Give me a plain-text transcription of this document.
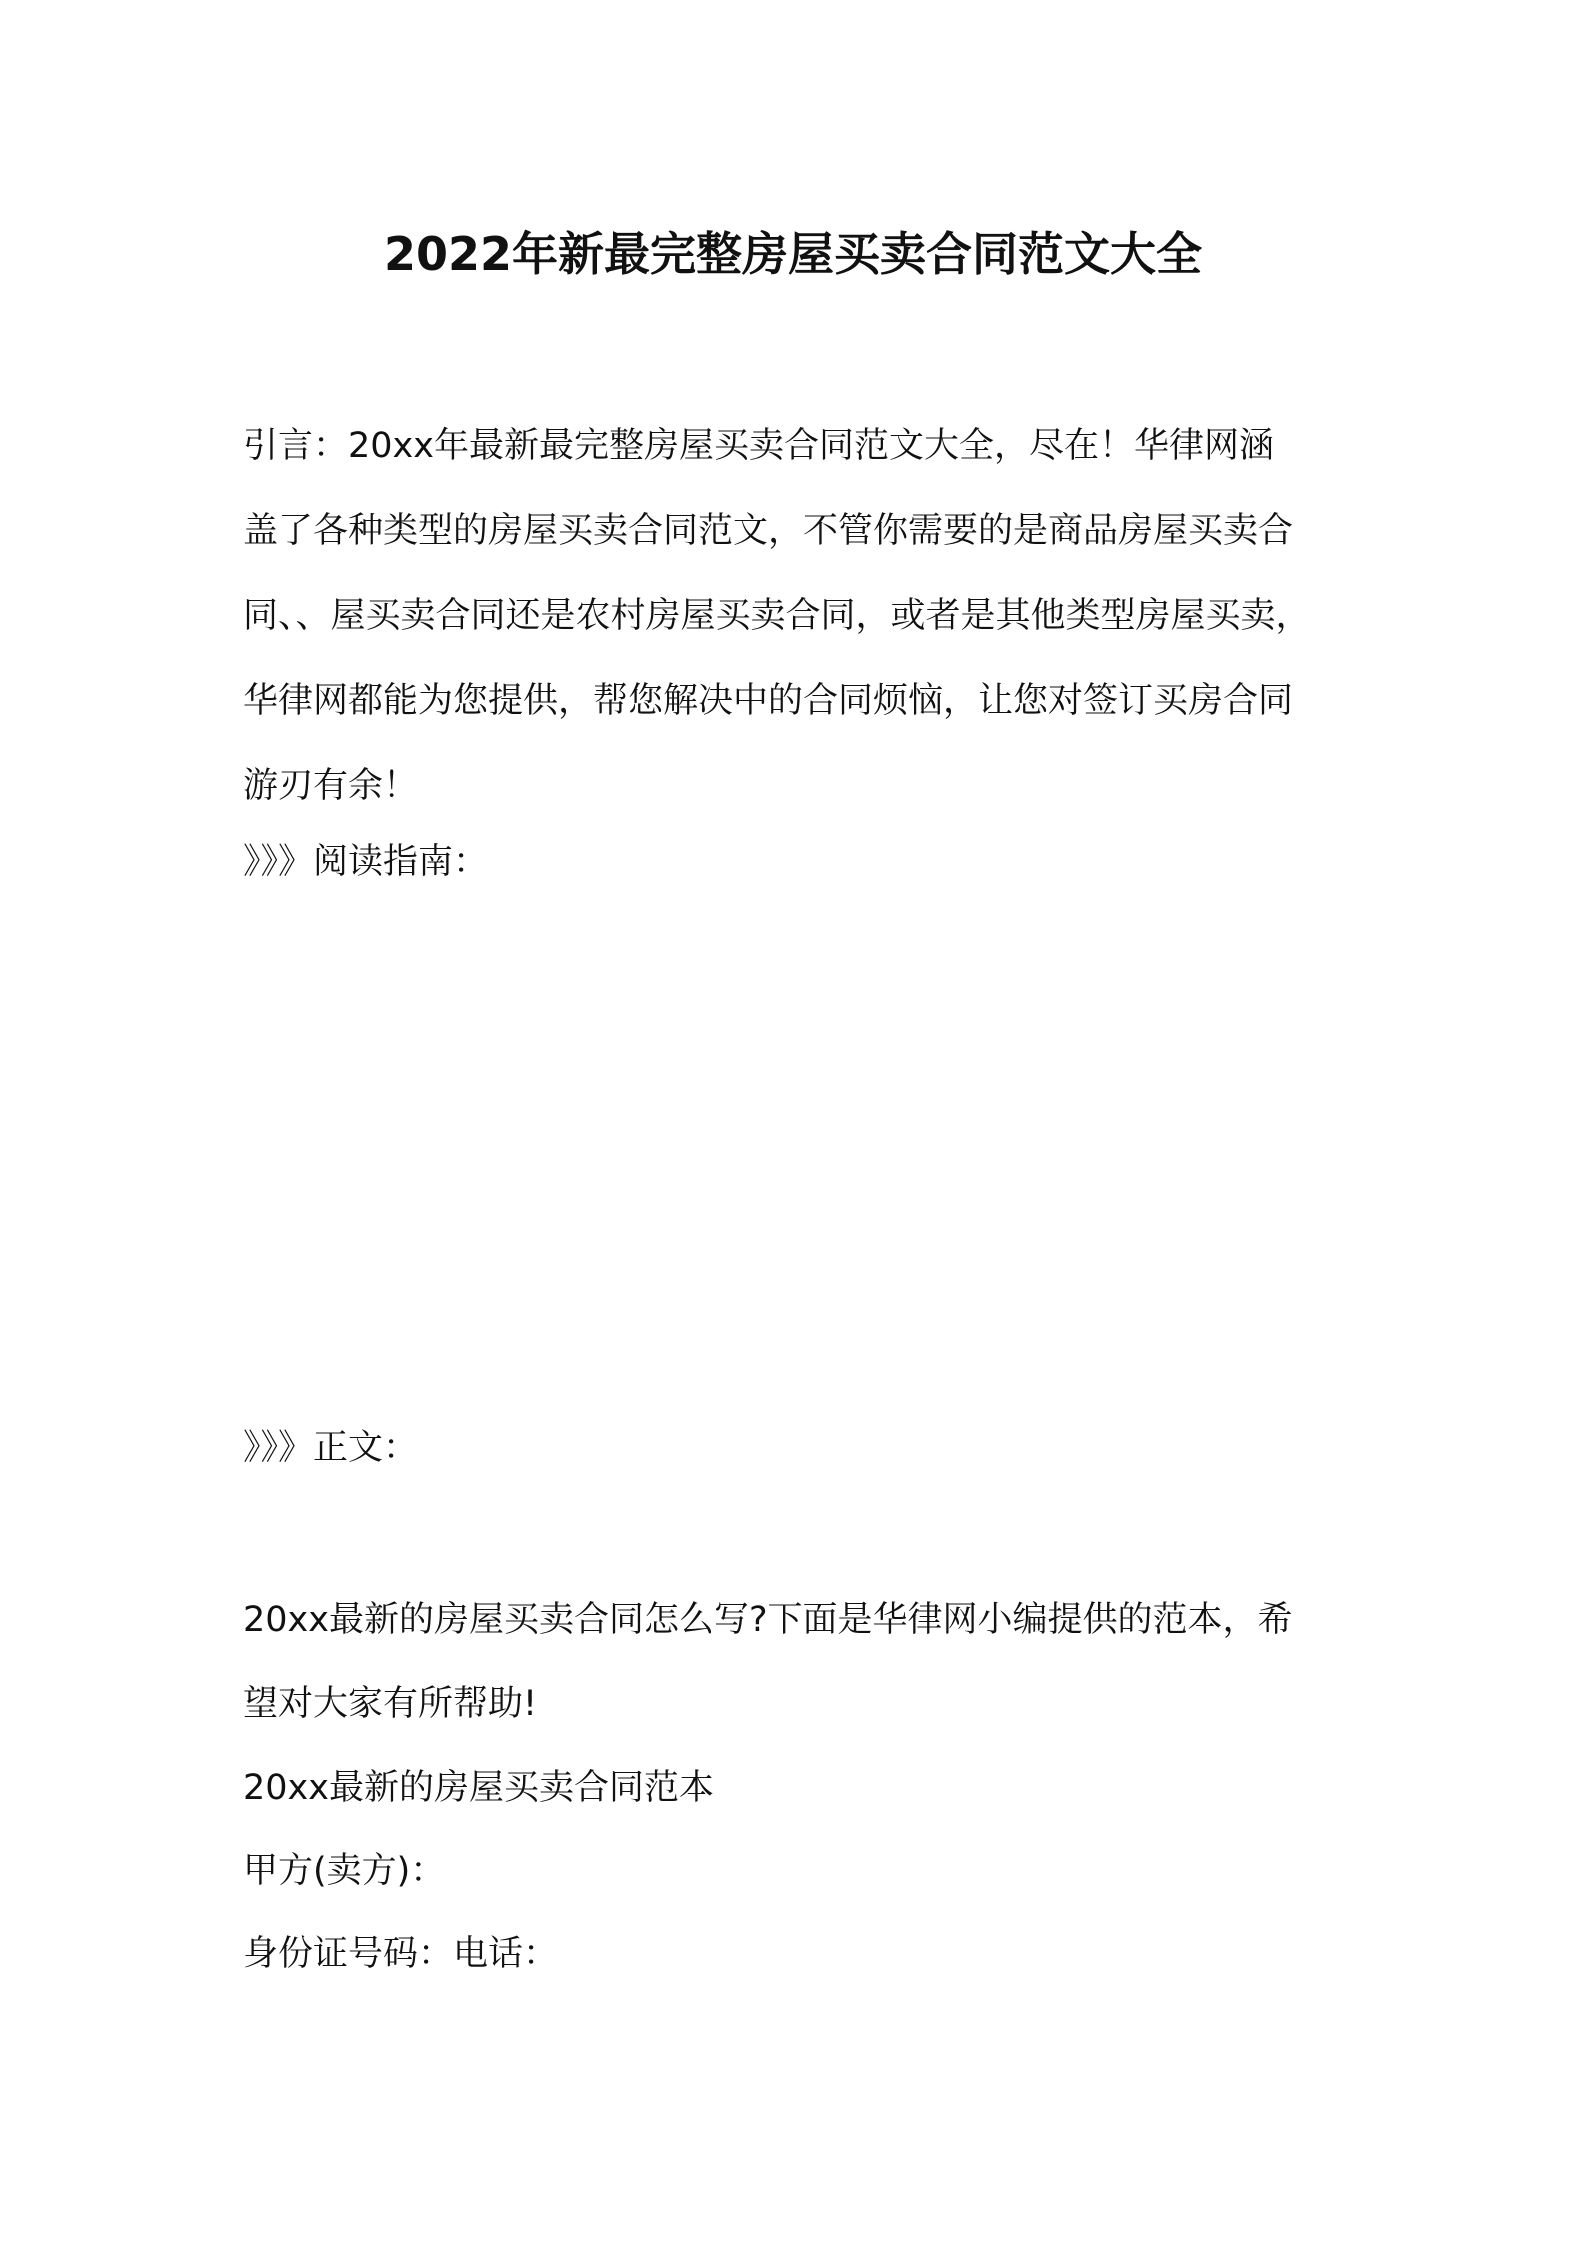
2022年新最完整房屋买卖合同范文大全
引言：20xx年最新最完整房屋买卖合同范文大全，尽在！华律网涵
盖了各种类型的房屋买卖合同范文，不管你需要的是商品房屋买卖合
同、、屋买卖合同还是农村房屋买卖合同，或者是其他类型房屋买卖，
华律网都能为您提供，帮您解决中的合同烦恼，让您对签订买房合同
游刃有余！
》》》阅读指南：
》》》正文：
20xx最新的房屋买卖合同怎么写?下面是华律网小编提供的范本，希
望对大家有所帮助!
20xx最新的房屋买卖合同范本
甲方(卖方)：
身份证号码：电话：
